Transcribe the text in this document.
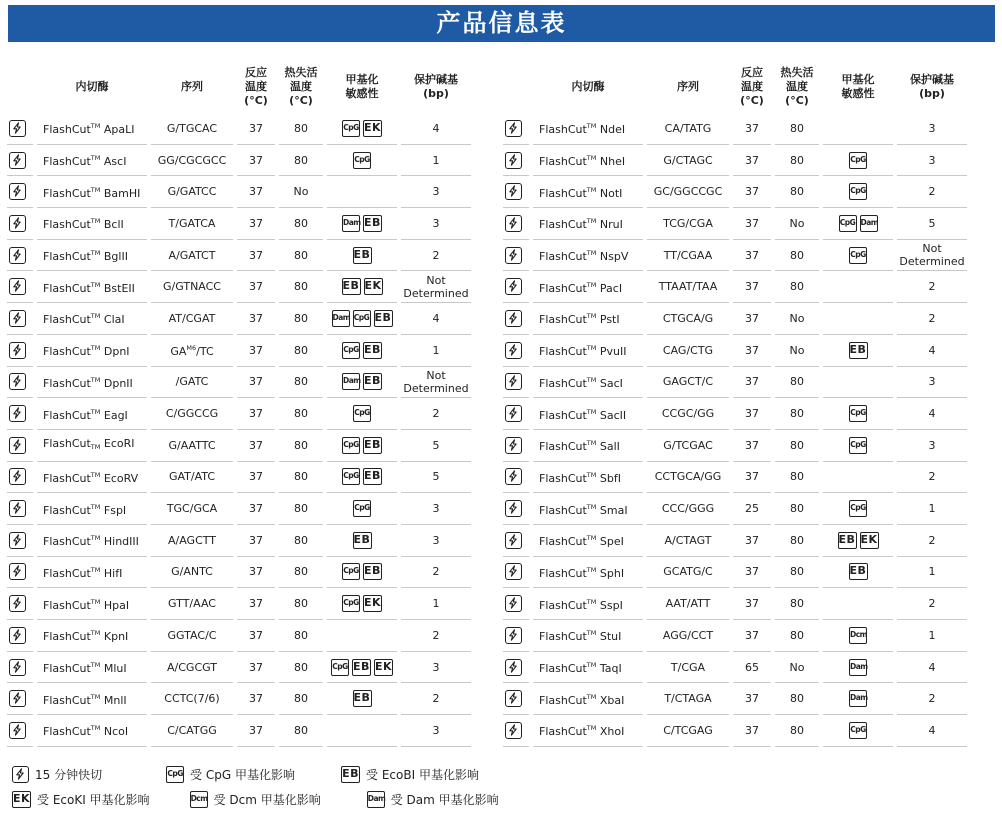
产品信息表
	内切酶	序列	反应
温度
(°C)	热失活
温度
(°C)	甲基化
敏感性	保护碱基
(bp)

	FlashCut™ ApaLI	G/TGCAC	37	80	CpG EK	4

	FlashCut™ AscI	GG/CGCGCC	37	80	CpG	1

	FlashCut™ BamHI	G/GATCC	37	No		3

	FlashCut™ BclI	T/GATCA	37	80	Dam EB	3

	FlashCut™ BglII	A/GATCT	37	80	EB	2

	FlashCut™ BstEII	G/GTNACC	37	80	EB EK	Not
Determined

	FlashCut™ ClaI	AT/CGAT	37	80	Dam CpG EB	4

	FlashCut™ DpnI	$GA^{M6}/TC$	37	80	CpG EB	1

	FlashCut™ DpnII	/GATC	37	80	Dam EB	Not
Determined

	FlashCut™ EagI	C/GGCCG	37	80	CpG	2

	FlashCut$_{TM}$ EcoRI	G/AATTC	37	80	CpG EB	5

	FlashCut™ EcoRV	GAT/ATC	37	80	CpG EB	5

	FlashCut™ FspI	TGC/GCA	37	80	CpG	3

	FlashCut™ HindIII	A/AGCTT	37	80	EB	3

	FlashCut™ HifI	G/ANTC	37	80	CpG EB	2

	FlashCut™ HpaI	GTT/AAC	37	80	CpG EK	1

	FlashCut™ KpnI	GGTAC/C	37	80		2

	FlashCut™ MluI	A/CGCGT	37	80	CpG EB EK	3

	FlashCut™ MnlI	CCTC(7/6)	37	80	EB	2

	FlashCut™ NcoI	C/CATGG	37	80		3
	内切酶	序列	反应
温度
(°C)	热失活
温度
(°C)	甲基化
敏感性	保护碱基
(bp)

	FlashCut™ NdeI	CA/TATG	37	80		3

	FlashCut™ NheI	G/CTAGC	37	80	CpG	3

	FlashCut™ NotI	GC/GGCCGC	37	80	CpG	2

	FlashCut™ NruI	TCG/CGA	37	No	CpG Dam	5

	FlashCut™ NspV	TT/CGAA	37	80	CpG	Not
Determined

	FlashCut™ PacI	TTAAT/TAA	37	80		2

	FlashCut™ PstI	CTGCA/G	37	No		2

	FlashCut™ PvuII	CAG/CTG	37	No	EB	4

	FlashCut™ SacI	GAGCT/C	37	80		3

	FlashCut™ SacII	CCGC/GG	37	80	CpG	4

	FlashCut™ SalI	G/TCGAC	37	80	CpG	3

	FlashCut™ SbfI	CCTGCA/GG	37	80		2

	FlashCut™ SmaI	CCC/GGG	25	80	CpG	1

	FlashCut™ SpeI	A/CTAGT	37	80	EB EK	2

	FlashCut™ SphI	GCATG/C	37	80	EB	1

	FlashCut™ SspI	AAT/ATT	37	80		2

	FlashCut™ StuI	AGG/CCT	37	80	Dcm	1

	FlashCut™ TaqI	T/CGA	65	No	Dam	4

	FlashCut™ XbaI	T/CTAGA	37	80	Dam	2

	FlashCut™ XhoI	C/TCGAG	37	80	CpG	4
15 分钟快切	CpG 受 CpG 甲基化影响	EB 受 EcoBI 甲基化影响
EK 受 EcoKI 甲基化影响	Dcm 受 Dcm 甲基化影响	Dam 受 Dam 甲基化影响
